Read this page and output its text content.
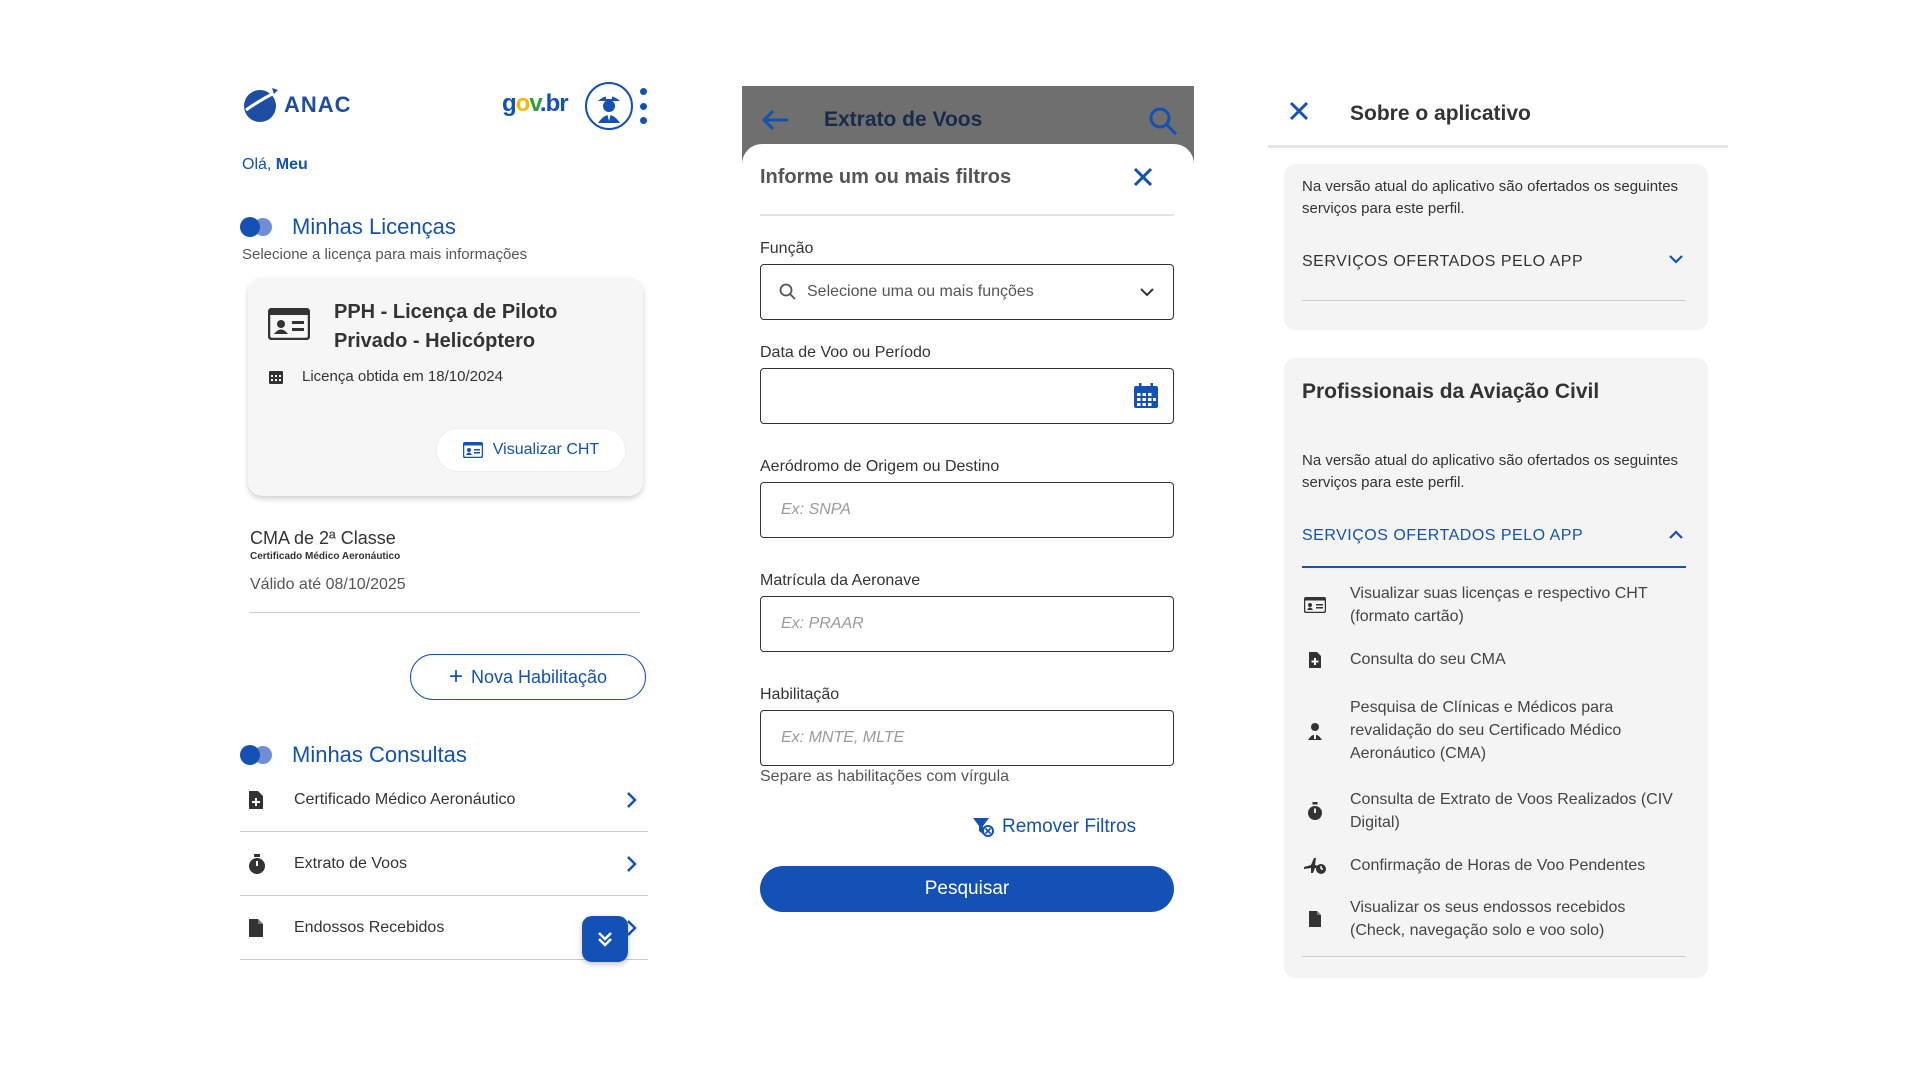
ANAC	gov.br
Olá, Meu
Minhas Licenças
Selecione a licença para mais informações
PPH - Licença de Piloto Privado - Helicóptero
Licença obtida em 18/10/2024
Visualizar CHT
CMA de 2ª Classe
Certificado Médico Aeronáutico
Válido até 08/10/2025
+ Nova Habilitação
Minhas Consultas
Certificado Médico Aeronáutico
Extrato de Voos
Endossos Recebidos
Extrato de Voos
Informe um ou mais filtros
Função
Selecione uma ou mais funções
Data de Voo ou Período
Aeródromo de Origem ou Destino
Ex: SNPA
Matrícula da Aeronave
Ex: PRAAR
Habilitação
Ex: MNTE, MLTE
Separe as habilitações com vírgula
Remover Filtros
Pesquisar
Sobre o aplicativo
Na versão atual do aplicativo são ofertados os seguintes serviços para este perfil.
SERVIÇOS OFERTADOS PELO APP
Profissionais da Aviação Civil
Na versão atual do aplicativo são ofertados os seguintes serviços para este perfil.
SERVIÇOS OFERTADOS PELO APP
Visualizar suas licenças e respectivo CHT (formato cartão)
Consulta do seu CMA
Pesquisa de Clínicas e Médicos para revalidação do seu Certificado Médico Aeronáutico (CMA)
Consulta de Extrato de Voos Realizados (CIV Digital)
Confirmação de Horas de Voo Pendentes
Visualizar os seus endossos recebidos (Check, navegação solo e voo solo)
